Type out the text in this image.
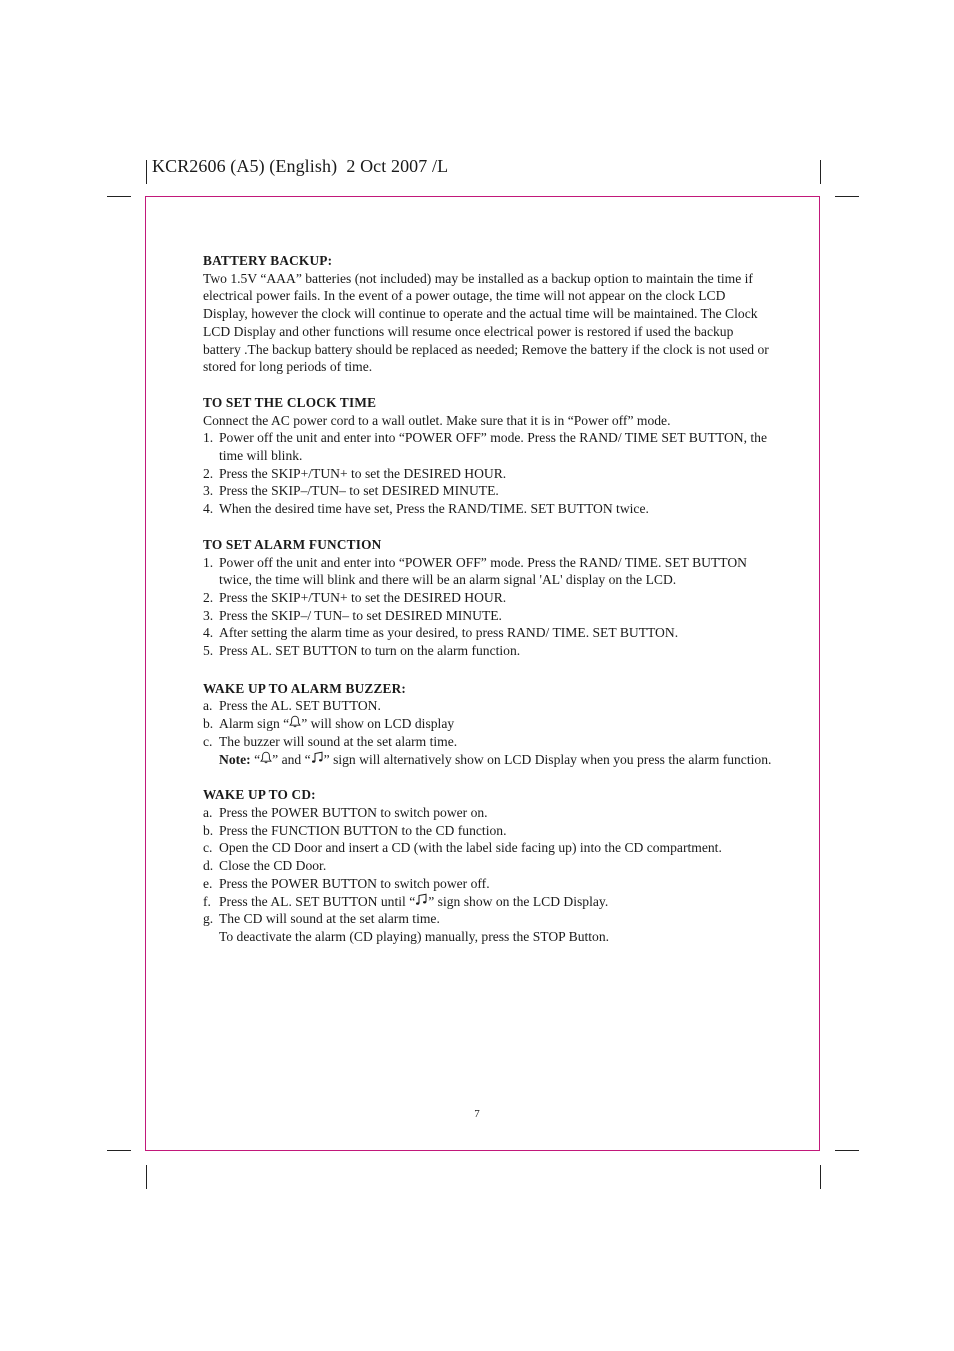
KCR2606 (A5) (English)  2 Oct 2007 /L
BATTERY BACKUP:

Two 1.5V “AAA” batteries (not included) may be installed as a backup option to maintain the time if electrical power fails. In the event of a power outage, the time will not appear on the clock LCD Display, however the clock will continue to operate and the actual time will be maintained. The Clock LCD Display and other functions will resume once electrical power is restored if used the backup battery .The backup battery should be replaced as needed; Remove the battery if the clock is not used or stored for long periods of time.

TO SET THE CLOCK TIME

Connect the AC power cord to a wall outlet. Make sure that it is in “Power off” mode.

1. Power off the unit and enter into “POWER OFF” mode. Press the RAND/ TIME SET BUTTON, the time will blink.
2. Press the SKIP+/TUN+ to set the DESIRED HOUR.
3. Press the SKIP–/TUN– to set DESIRED MINUTE.
4. When the desired time have set, Press the RAND/TIME. SET BUTTON twice.
TO SET ALARM FUNCTION
1. Power off the unit and enter into “POWER OFF” mode. Press the RAND/ TIME. SET BUTTON twice, the time will blink and there will be an alarm signal 'AL' display on the LCD.
2. Press the SKIP+/TUN+ to set the DESIRED HOUR.
3. Press the SKIP–/ TUN– to set DESIRED MINUTE.
4. After setting the alarm time as your desired, to press RAND/ TIME. SET BUTTON.
5. Press AL. SET BUTTON to turn on the alarm function.
WAKE UP TO ALARM BUZZER:
a. Press the AL. SET BUTTON.
b. Alarm sign “ ” will show on LCD display
c. The buzzer will sound at the set alarm time.
Note: “ ” and “ ” sign will alternatively show on LCD Display when you press the alarm function.
WAKE UP TO CD:
a. Press the POWER BUTTON to switch power on.
b. Press the FUNCTION BUTTON to the CD function.
c. Open the CD Door and insert a CD (with the label side facing up) into the CD compartment.
d. Close the CD Door.
e. Press the POWER BUTTON to switch power off.
f. Press the AL. SET BUTTON until “ ” sign show on the LCD Display.
g. The CD will sound at the set alarm time.
To deactivate the alarm (CD playing) manually, press the STOP Button.
7
